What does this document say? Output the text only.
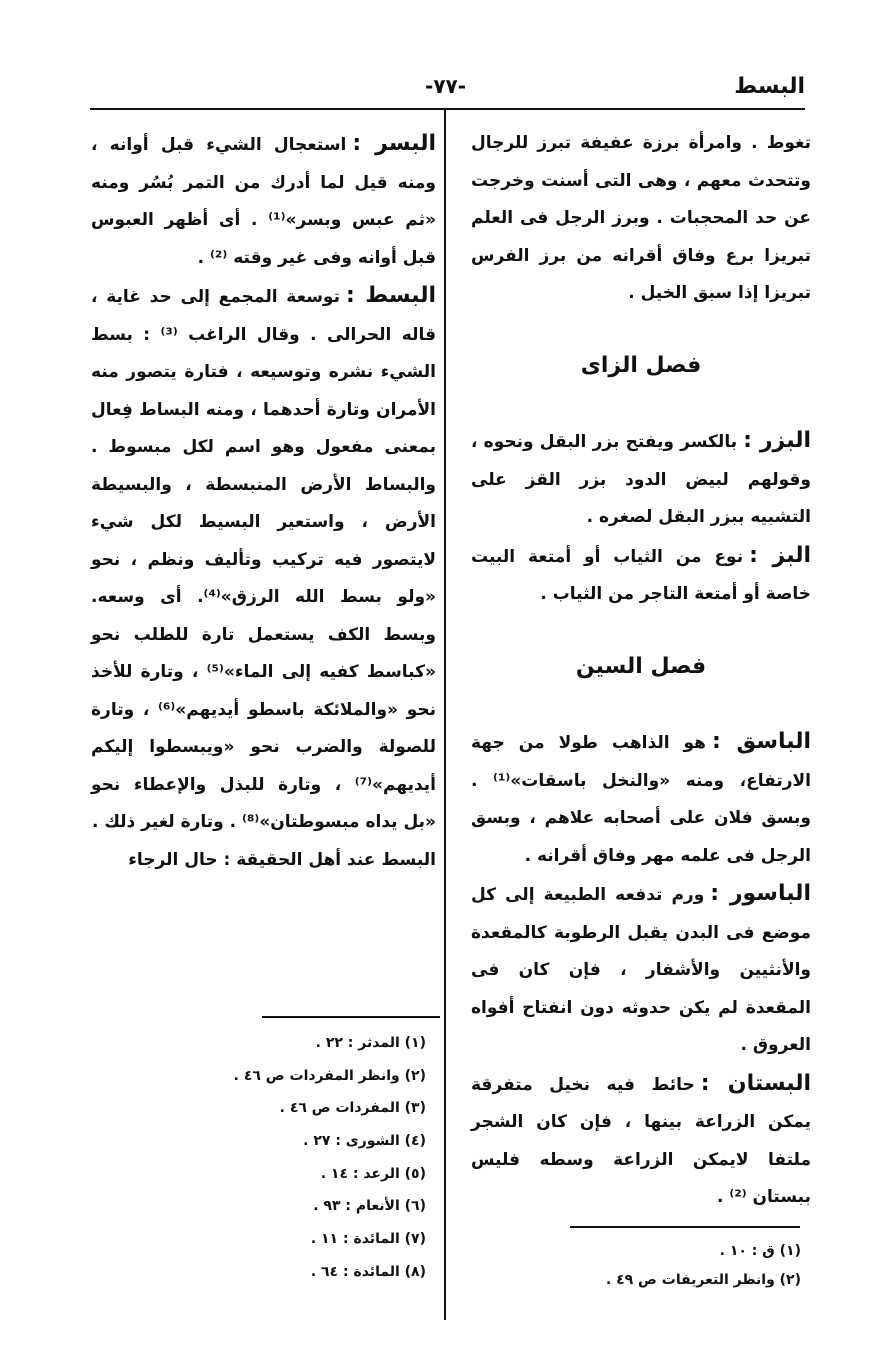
البسط
-٧٧-

تغوط . وامرأة برزة عفيفة تبرز للرجال وتتحدث معهم ، وهى التى أسنت وخرجت عن حد المحجبات . وبرز الرجل فى العلم تبريزا برع وفاق أقرانه من برز الفرس تبريزا إذا سبق الخيل .

فصل الزاى

البزر :بالكسر ويفتح بزر البقل ونحوه ، وقولهم لبيض الدود بزر القز على التشبيه ببزر البقل لصغره .

البز :نوع من الثياب أو أمتعة البيت خاصة أو أمتعة التاجر من الثياب .

فصل السين

الباسق :هو الذاهب طولا من جهة الارتفاع، ومنه «والنخل باسقات»⁽¹⁾ . وبسق فلان على أصحابه علاهم ، وبسق الرجل فى علمه مهر وفاق أقرانه .

الباسور :ورم تدفعه الطبيعة إلى كل موضع فى البدن يقبل الرطوبة كالمقعدة والأنثيين والأشفار ، فإن كان فى المقعدة لم يكن حدوثه دون انفتاح أفواه العروق .

البستان :حائط فيه نخيل متفرقة يمكن الزراعة بينها ، فإن كان الشجر ملتفا لايمكن الزراعة وسطه فليس ببستان ⁽²⁾ .

(١) ق : ١٠ .
(٢) وانظر التعريفات ص ٤٩ .

البسر :استعجال الشيء قبل أوانه ، ومنه قيل لما أدرك من التمر بُسُر ومنه «ثم عبس وبسر»⁽¹⁾ . أى أظهر العبوس قبل أوانه وفى غير وقته ⁽²⁾ .

البسط :توسعة المجمع إلى حد غاية ، قاله الحرالى . وقال الراغب ⁽³⁾ : بسط الشيء نشره وتوسيعه ، فتارة يتصور منه الأمران وتارة أحدهما ، ومنه البساط فِعال بمعنى مفعول وهو اسم لكل مبسوط . والبساط الأرض المنبسطة ، والبسيطة الأرض ، واستعير البسيط لكل شيء لايتصور فيه تركيب وتأليف ونظم ، نحو «ولو بسط الله الرزق»⁽⁴⁾. أى وسعه. وبسط الكف يستعمل تارة للطلب نحو «كباسط كفيه إلى الماء»⁽⁵⁾ ، وتارة للأخذ نحو «والملائكة باسطو أيديهم»⁽⁶⁾ ، وتارة للصولة والضرب نحو «ويبسطوا إليكم أيديهم»⁽⁷⁾ ، وتارة للبذل والإعطاء نحو «بل يداه مبسوطتان»⁽⁸⁾ . وتارة لغير ذلك .

البسط عند أهل الحقيقة : حال الرجاء

(١) المدثر : ٢٢ .
(٢) وانظر المفردات ص ٤٦ .
(٣) المفردات ص ٤٦ .
(٤) الشورى : ٢٧ .
(٥) الرعد : ١٤ .
(٦) الأنعام : ٩٣ .
(٧) المائدة : ١١ .
(٨) المائدة : ٦٤ .
